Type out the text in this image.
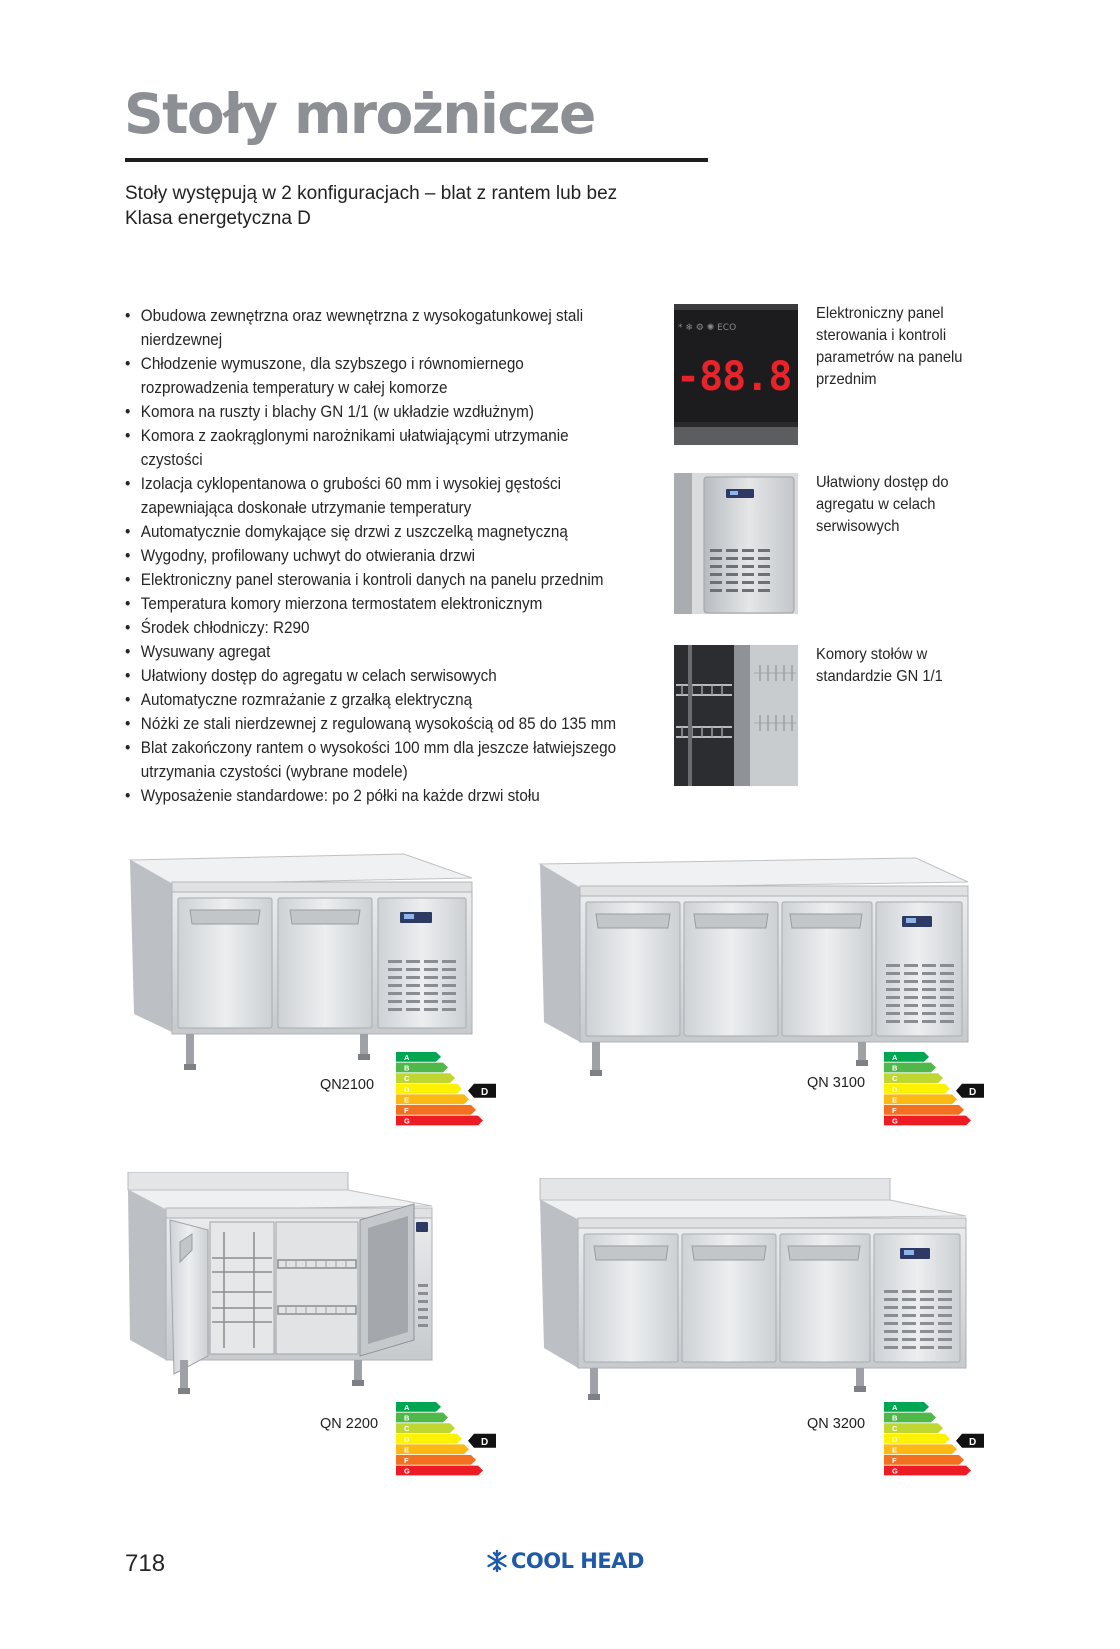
Stoły mrożnicze
Stoły występują w 2 konfiguracjach – blat z rantem lub bez
Klasa energetyczna D
• Obudowa zewnętrzna oraz wewnętrzna z wysokogatunkowej stali nierdzewnej
• Chłodzenie wymuszone, dla szybszego i równomiernego rozprowadzenia temperatury w całej komorze
• Komora na ruszty i blachy GN 1/1 (w układzie wzdłużnym)
• Komora z zaokrąglonymi narożnikami ułatwiającymi utrzymanie czystości
• Izolacja cyklopentanowa o grubości 60 mm i wysokiej gęstości zapewniająca doskonałe utrzymanie temperatury
• Automatycznie domykające się drzwi z uszczelką magnetyczną
• Wygodny, profilowany uchwyt do otwierania drzwi
• Elektroniczny panel sterowania i kontroli danych na panelu przednim
• Temperatura komory mierzona termostatem elektronicznym
• Środek chłodniczy: R290
• Wysuwany agregat
• Ułatwiony dostęp do agregatu w celach serwisowych
• Automatyczne rozmrażanie z grzałką elektryczną
• Nóżki ze stali nierdzewnej z regulowaną wysokością od 85 do 135 mm
• Blat zakończony rantem o wysokości 100 mm dla jeszcze łatwiejszego utrzymania czystości (wybrane modele)
• Wyposażenie standardowe: po 2 półki na każde drzwi stołu
* ❄ ⚙ ✺ ECO
-88.8
Elektroniczny panel sterowania i kontroli parametrów na panelu przednim
Ułatwiony dostęp do agregatu w celach serwisowych
Komory stołów w standardzie GN 1/1
QN2100
A
B
C
D
E
F
G
D
QN 3100
A
B
C
D
E
F
G
D
QN 2200
A
B
C
D
E
F
G
D
QN 3200
A
B
C
D
E
F
G
D
718	COOL HEAD
